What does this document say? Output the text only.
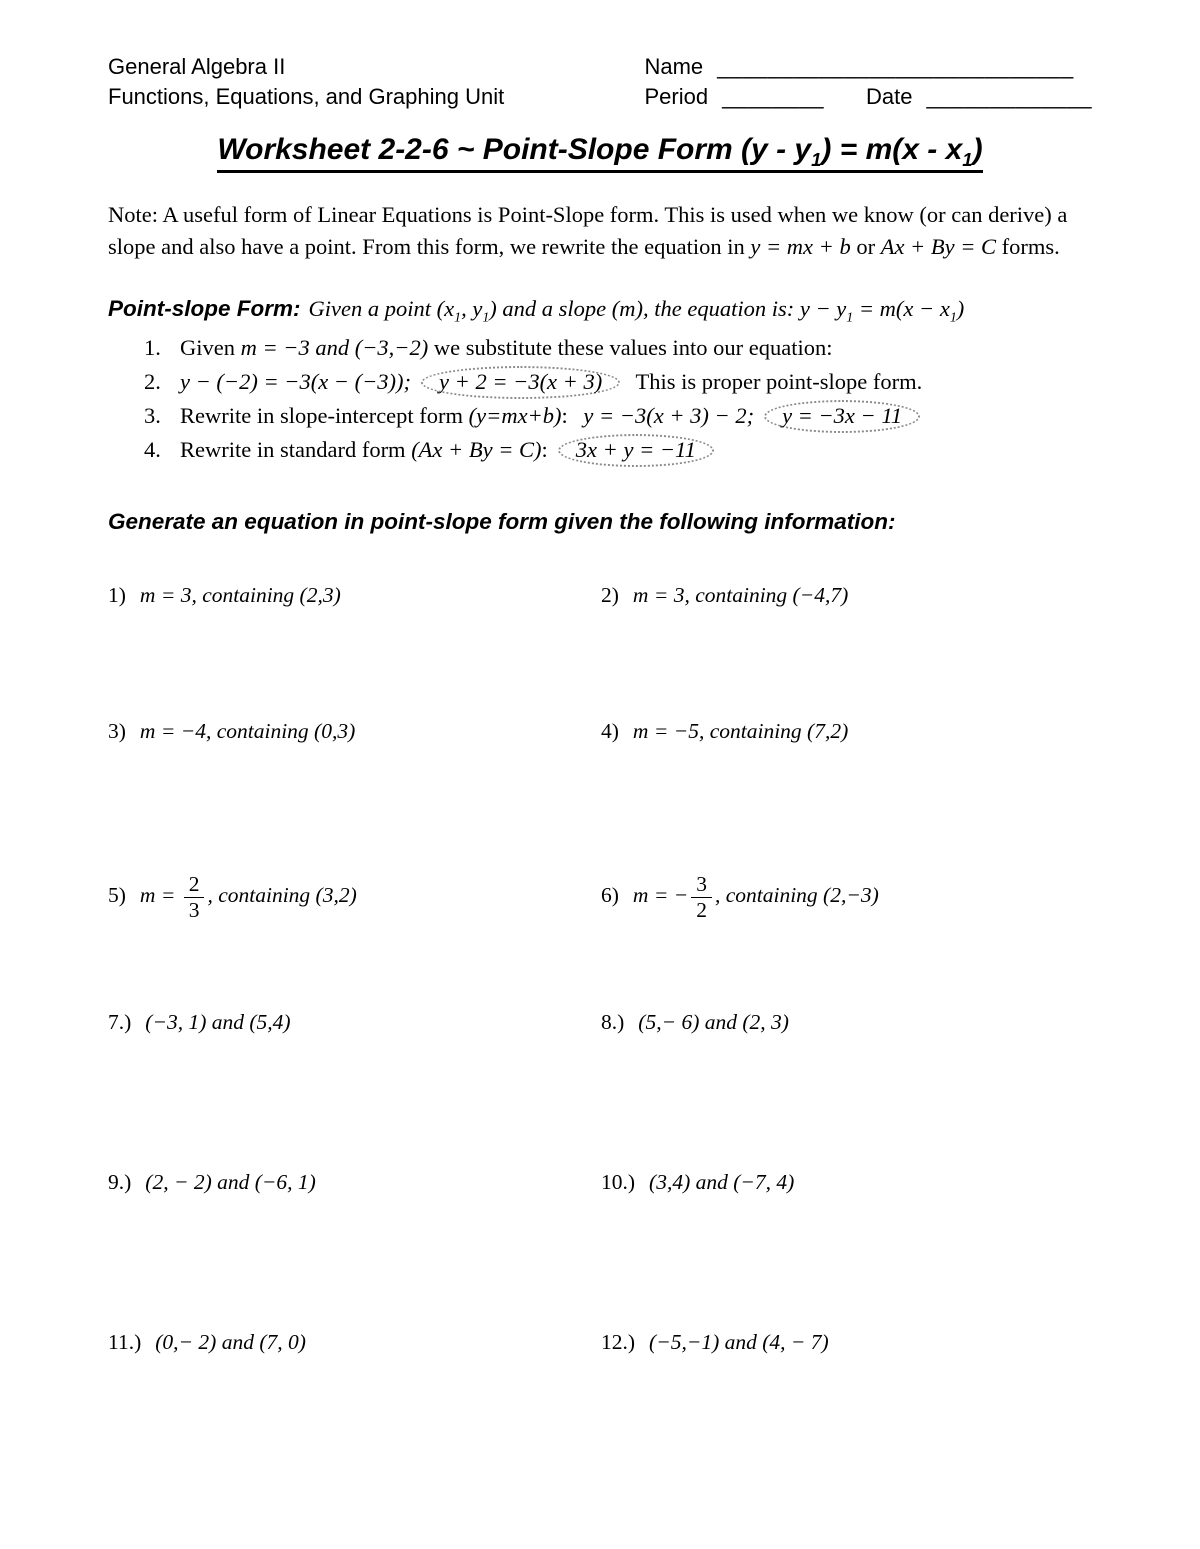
General Algebra II
Functions, Equations, and Graphing Unit
Name ____________________________
Period ________ Date _____________
Worksheet 2-2-6 ~ Point-Slope Form $(y - y_1) = m(x - x_1)$
Note: A useful form of Linear Equations is Point-Slope form. This is used when we know (or can derive) a slope and also have a point. From this form, we rewrite the equation in y = mx + b or Ax + By = C forms.
Point-slope Form: Given a point ($x_1$, $y_1$) and a slope (m), the equation is: $y - y_1 = m(x - x_1)$
1. Given m = −3 and (−3,−2) we substitute these values into our equation:
2. y − (−2) = −3(x − (−3)); y + 2 = −3(x + 3) This is proper point-slope form.
3. Rewrite in slope-intercept form (y=mx+b): y = −3(x + 3) − 2; y = −3x − 11
4. Rewrite in standard form (Ax + By = C): 3x + y = −11
Generate an equation in point-slope form given the following information:
1) m = 3, containing (2,3)	2) m = 3, containing (−4,7)
3) m = −4, containing (0,3)	4) m = −5, containing (7,2)
5) $m = \frac{2}{3}$ , containing (3,2)	6) m = − $\frac{3}{2}$ , containing (2,−3)
7.) (−3, 1) and (5,4)	8.) (5,− 6) and (2, 3)
9.) (2, − 2) and (−6, 1)	10.) (3,4) and (−7, 4)
11.) (0,− 2) and (7, 0)	12.) (−5,−1) and (4, − 7)
